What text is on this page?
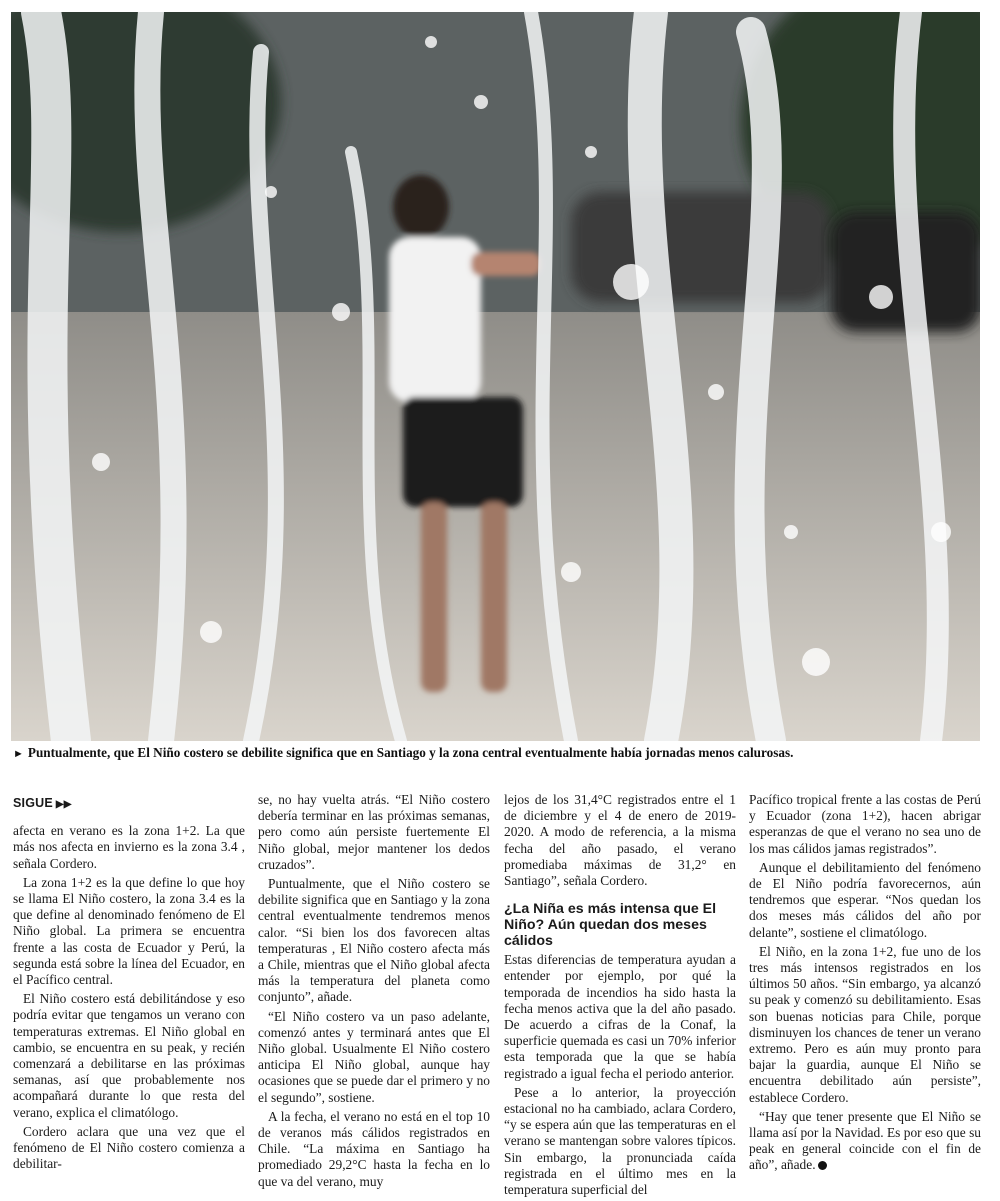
► Puntualmente, que El Niño costero se debilite significa que en Santiago y la zona central eventualmente había jornadas menos calurosas.
SIGUE ▶▶

afecta en verano es la zona 1+2. La que más nos afecta en invierno es la zona 3.4 , señala Cordero.

La zona 1+2 es la que define lo que hoy se llama El Niño costero, la zona 3.4 es la que define al denominado fenómeno de El Niño global. La primera se encuentra frente a las costa de Ecuador y Perú, la segunda está sobre la línea del Ecuador, en el Pacífico central.

El Niño costero está debilitándose y eso podría evitar que tengamos un verano con temperaturas extremas. El Niño global en cambio, se encuentra en su peak, y recién comenzará a debilitarse en las próximas semanas, así que probablemente nos acompañará durante lo que resta del verano, explica el climatólogo.

Cordero aclara que una vez que el fenómeno de El Niño costero comienza a debilitar-

se, no hay vuelta atrás. “El Niño costero debería terminar en las próximas semanas, pero como aún persiste fuertemente El Niño global, mejor mantener los dedos cruzados”.

Puntualmente, que el Niño costero se debilite significa que en Santiago y la zona central eventualmente tendremos menos calor. “Si bien los dos favorecen altas temperaturas , El Niño costero afecta más a Chile, mientras que el Niño global afecta más la temperatura del planeta como conjunto”, añade.

“El Niño costero va un paso adelante, comenzó antes y terminará antes que El Niño global. Usualmente El Niño costero anticipa El Niño global, aunque hay ocasiones que se puede dar el primero y no el segundo”, sostiene.

A la fecha, el verano no está en el top 10 de veranos más cálidos registrados en Chile. “La máxima en Santiago ha promediado 29,2°C hasta la fecha en lo que va del verano, muy

lejos de los 31,4°C registrados entre el 1 de diciembre y el 4 de enero de 2019- 2020. A modo de referencia, a la misma fecha del año pasado, el verano promediaba máximas de 31,2° en Santiago”, señala Cordero.

¿La Niña es más intensa que El Niño? Aún quedan dos meses cálidos

Estas diferencias de temperatura ayudan a entender por ejemplo, por qué la temporada de incendios ha sido hasta la fecha menos activa que la del año pasado. De acuerdo a cifras de la Conaf, la superficie quemada es casi un 70% inferior esta temporada que la que se había registrado a igual fecha el periodo anterior.

Pese a lo anterior, la proyección estacional no ha cambiado, aclara Cordero, “y se espera aún que las temperaturas en el verano se mantengan sobre valores típicos. Sin embargo, la pronunciada caída registrada en el último mes en la temperatura superficial del

Pacífico tropical frente a las costas de Perú y Ecuador (zona 1+2), hacen abrigar esperanzas de que el verano no sea uno de los mas cálidos jamas registrados”.

Aunque el debilitamiento del fenómeno de El Niño podría favorecernos, aún tendremos que esperar. “Nos quedan los dos meses más cálidos del año por delante”, sostiene el climatólogo.

El Niño, en la zona 1+2, fue uno de los tres más intensos registrados en los últimos 50 años. “Sin embargo, ya alcanzó su peak y comenzó su debilitamiento. Esas son buenas noticias para Chile, porque disminuyen los chances de tener un verano extremo. Pero es aún muy pronto para bajar la guardia, aunque El Niño se encuentra debilitado aún persiste”, establece Cordero.

“Hay que tener presente que El Niño se llama así por la Navidad. Es por eso que su peak en general coincide con el fin de año”, añade.
